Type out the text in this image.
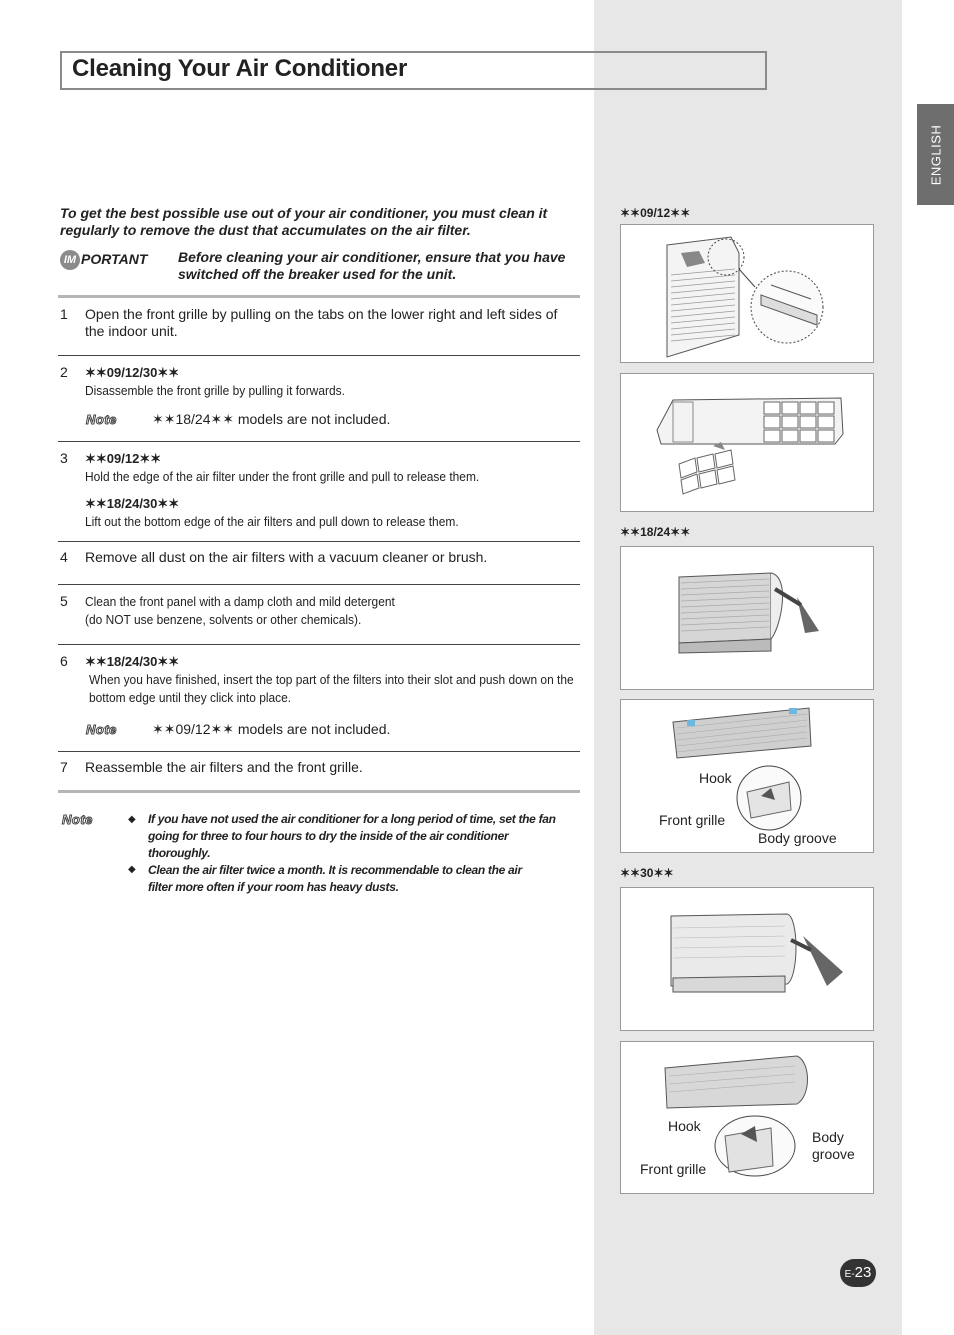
Cleaning Your Air Conditioner
ENGLISH
To get the best possible use out of your air conditioner, you must clean it regularly to remove the dust that accumulates on the air filter.
IM PORTANT Before cleaning your air conditioner, ensure that you have switched off the breaker used for the unit.
1 Open the front grille by pulling on the tabs on the lower right and left sides of the indoor unit.
2 ✶✶09/12/30✶✶
Disassemble the front grille by pulling it forwards.
Note	✶✶18/24✶✶ models are not included.
3 ✶✶09/12✶✶
Hold the edge of the air filter under the front grille and pull to release them.
✶✶18/24/30✶✶
Lift out the bottom edge of the air filters and pull down to release them.
4 Remove all dust on the air filters with a vacuum cleaner or brush.
5 Clean the front panel with a damp cloth and mild detergent
(do NOT use benzene, solvents or other chemicals).
6 ✶✶18/24/30✶✶
When you have finished, insert the top part of the filters into their slot and push down on the bottom edge until they click into place.
Note	✶✶09/12✶✶ models are not included.
7 Reassemble the air filters and the front grille.
Note	◆ If you have not used the air conditioner for a long period of time, set the fan going for three to four hours to dry the inside of the air conditioner thoroughly.
◆ Clean the air filter twice a month. It is recommendable to clean the air filter more often if your room has heavy dusts.
✶✶09/12✶✶
✶✶18/24✶✶
✶✶30✶✶
Hook
Front grille
Body groove
Hook
Body
groove
Front grille
E-23
